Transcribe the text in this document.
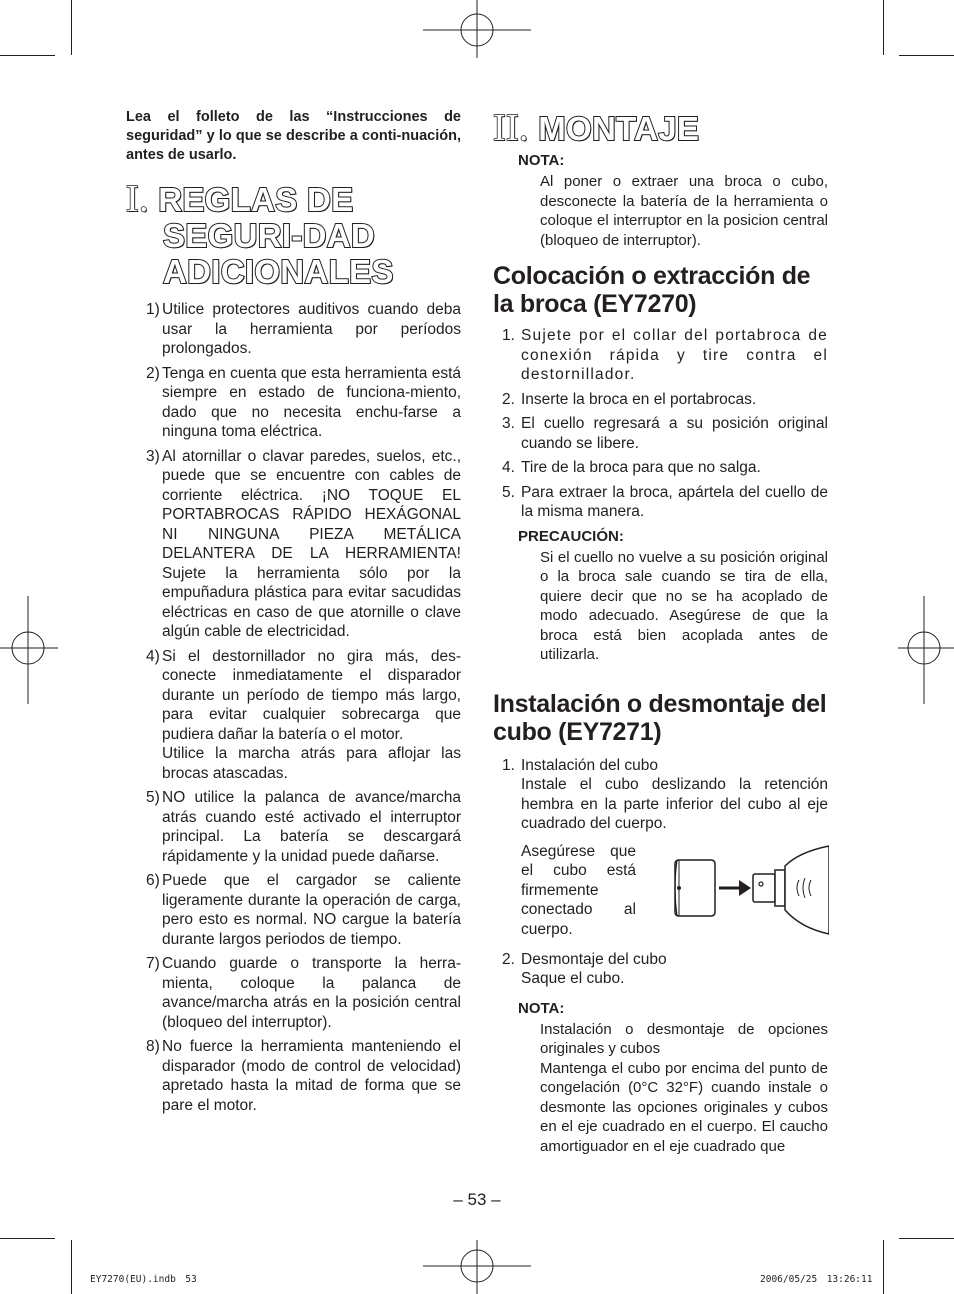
Lea el folleto de las “Instrucciones de seguridad” y lo que se describe a conti-nuación, antes de usarlo.

I. REGLAS DE SEGURI-DAD ADICIONALES
1) Utilice protectores auditivos cuando deba usar la herramienta por períodos prolongados.
2) Tenga en cuenta que esta herramienta está siempre en estado de funciona-miento, dado que no necesita enchu-farse a ninguna toma eléctrica.
3) Al atornillar o clavar paredes, suelos, etc., puede que se encuentre con cables de corriente eléctrica. ¡NO TOQUE EL PORTABROCAS RÁPIDO HEXÁGONAL NI NINGUNA PIEZA METÁLICA DELANTERA DE LA HERRAMIENTA! Sujete la herramienta sólo por la empuñadura plástica para evitar sacudidas eléctricas en caso de que atornille o clave algún cable de electricidad.
4) Si el destornillador no gira más, des-conecte inmediatamente el disparador durante un período de tiempo más largo, para evitar cualquier sobrecarga que pudiera dañar la batería o el motor.
Utilice la marcha atrás para aflojar las brocas atascadas.
5) NO utilice la palanca de avance/marcha atrás cuando esté activado el interruptor principal. La batería se descargará rápidamente y la unidad puede dañarse.
6) Puede que el cargador se caliente ligeramente durante la operación de carga, pero esto es normal. NO cargue la batería durante largos periodos de tiempo.
7) Cuando guarde o transporte la herra-mienta, coloque la palanca de avance/marcha atrás en la posición central (bloqueo del interruptor).
8) No fuerce la herramienta manteniendo el disparador (modo de control de velocidad) apretado hasta la mitad de forma que se pare el motor.
II. MONTAJE

NOTA:

Al poner o extraer una broca o cubo, desconecte la batería de la herramienta o coloque el interruptor en la posicion central (bloqueo de interruptor).

Colocación o extracción de la broca (EY7270)
1. Sujete por el collar del portabroca de conexión rápida y tire contra el destornillador.
2. Inserte la broca en el portabrocas.
3. El cuello regresará a su posición original cuando se libere.
4. Tire de la broca para que no salga.
5. Para extraer la broca, apártela del cuello de la misma manera.

PRECAUCIÓN:

Si el cuello no vuelve a su posición original o la broca sale cuando se tira de ella, quiere decir que no se ha acoplado de modo adecuado. Asegúrese de que la broca está bien acoplada antes de utilizarla.

Instalación o desmontaje del cubo (EY7271)
1. Instalación del cubo
Instale el cubo deslizando la retención hembra en la parte inferior del cubo al eje cuadrado del cuerpo.
Asegúrese que el cubo está firmemente conectado al cuerpo.
2. Desmontaje del cubo
Saque el cubo.

NOTA:

Instalación o desmontaje de opciones originales y cubos

Mantenga el cubo por encima del punto de congelación (0°C 32°F) cuando instale o desmonte las opciones originales y cubos en el eje cuadrado en el cuerpo. El caucho amortiguador en el eje cuadrado que

– 53 –
EY7270(EU).indb　53	2006/05/25　13:26:11
